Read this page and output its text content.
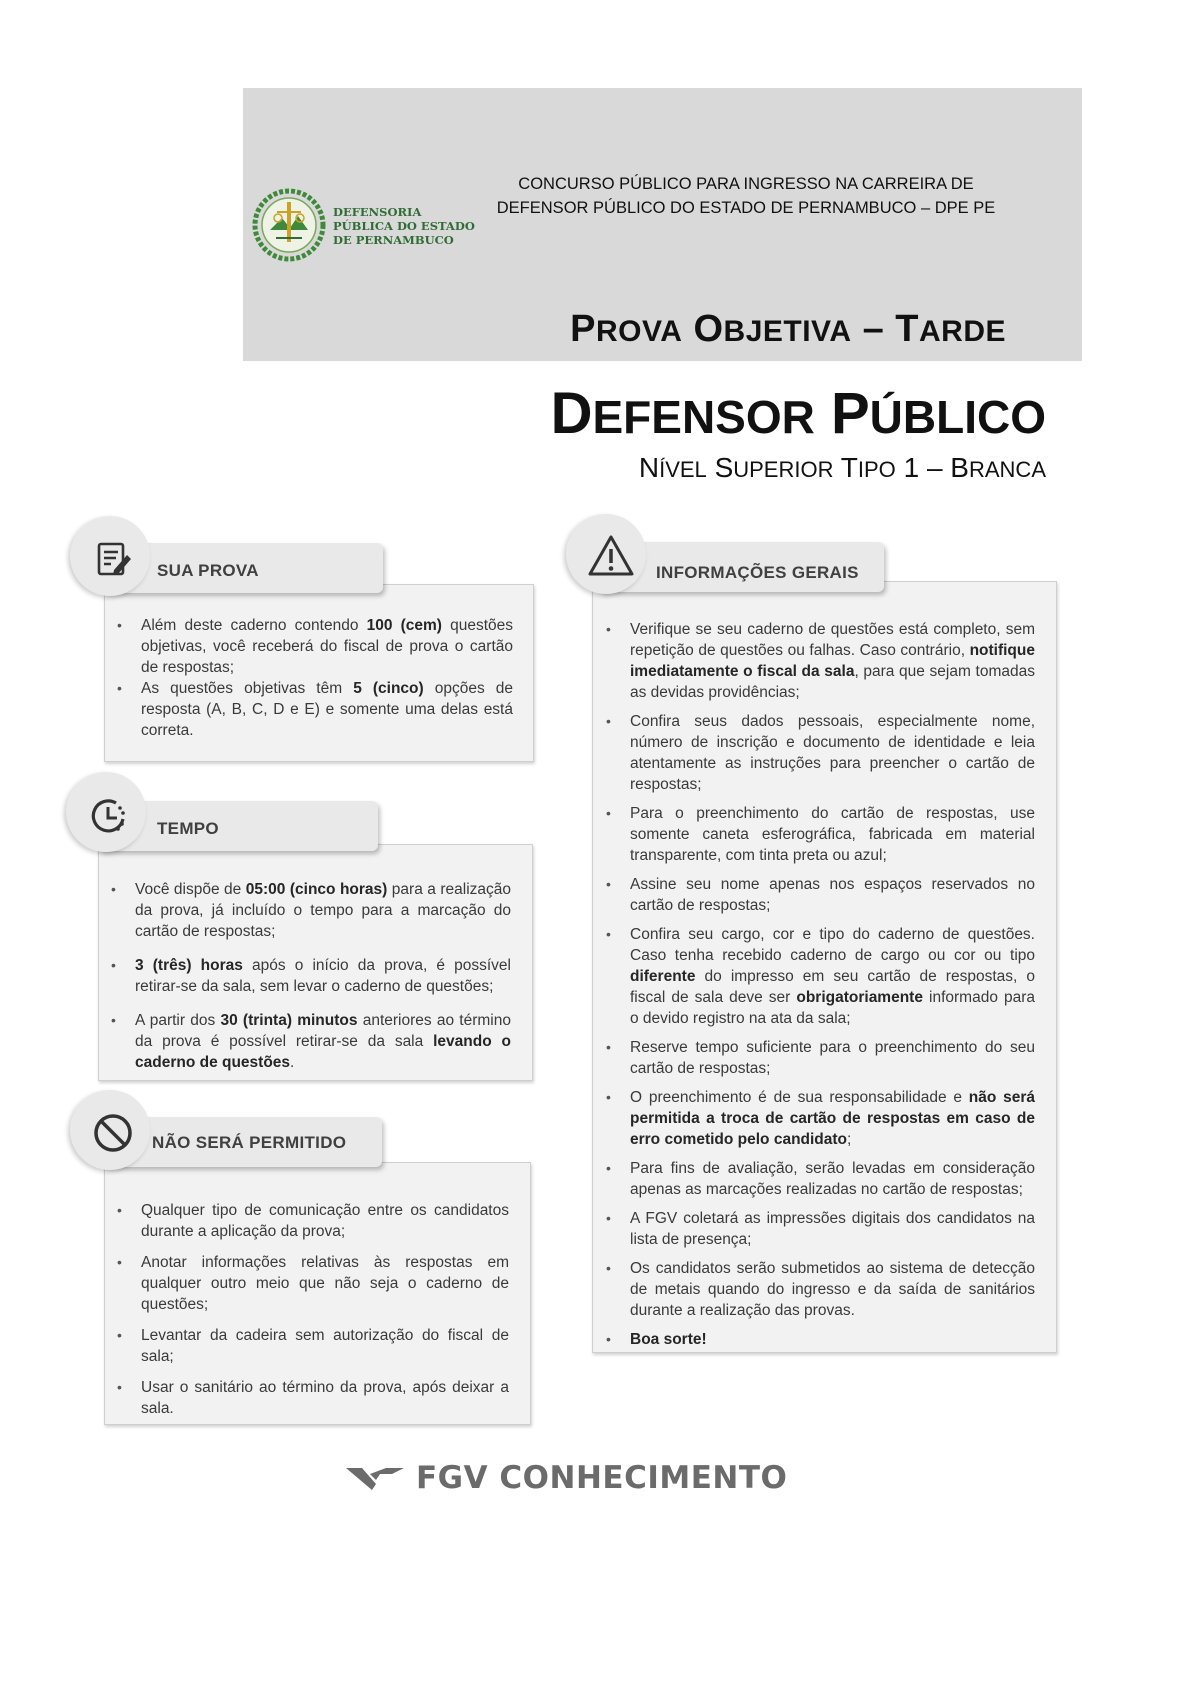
DEFENSORIA
PÚBLICA DO ESTADO
DE PERNAMBUCO
CONCURSO PÚBLICO PARA INGRESSO NA CARREIRA DE
DEFENSOR PÚBLICO DO ESTADO DE PERNAMBUCO – DPE PE
PROVA OBJETIVA – TARDE
DEFENSOR PÚBLICO
NÍVEL SUPERIOR TIPO 1 – BRANCA
SUA PROVA
• Além deste caderno contendo 100 (cem) questões objetivas, você receberá do fiscal de prova o cartão de respostas;
• As questões objetivas têm 5 (cinco) opções de resposta (A, B, C, D e E) e somente uma delas está correta.
TEMPO
• Você dispõe de 05:00 (cinco horas) para a realização da prova, já incluído o tempo para a marcação do cartão de respostas;
• 3 (três) horas após o início da prova, é possível retirar-se da sala, sem levar o caderno de questões;
• A partir dos 30 (trinta) minutos anteriores ao término da prova é possível retirar-se da sala levando o caderno de questões.
NÃO SERÁ PERMITIDO
• Qualquer tipo de comunicação entre os candidatos durante a aplicação da prova;
• Anotar informações relativas às respostas em qualquer outro meio que não seja o caderno de questões;
• Levantar da cadeira sem autorização do fiscal de sala;
• Usar o sanitário ao término da prova, após deixar a sala.
INFORMAÇÕES GERAIS
• Verifique se seu caderno de questões está completo, sem repetição de questões ou falhas. Caso contrário, notifique imediatamente o fiscal da sala, para que sejam tomadas as devidas providências;
• Confira seus dados pessoais, especialmente nome, número de inscrição e documento de identidade e leia atentamente as instruções para preencher o cartão de respostas;
• Para o preenchimento do cartão de respostas, use somente caneta esferográfica, fabricada em material transparente, com tinta preta ou azul;
• Assine seu nome apenas nos espaços reservados no cartão de respostas;
• Confira seu cargo, cor e tipo do caderno de questões. Caso tenha recebido caderno de cargo ou cor ou tipo diferente do impresso em seu cartão de respostas, o fiscal de sala deve ser obrigatoriamente informado para o devido registro na ata da sala;
• Reserve tempo suficiente para o preenchimento do seu cartão de respostas;
• O preenchimento é de sua responsabilidade e não será permitida a troca de cartão de respostas em caso de erro cometido pelo candidato;
• Para fins de avaliação, serão levadas em consideração apenas as marcações realizadas no cartão de respostas;
• A FGV coletará as impressões digitais dos candidatos na lista de presença;
• Os candidatos serão submetidos ao sistema de detecção de metais quando do ingresso e da saída de sanitários durante a realização das provas.
• Boa sorte!
FGV CONHECIMENTO
